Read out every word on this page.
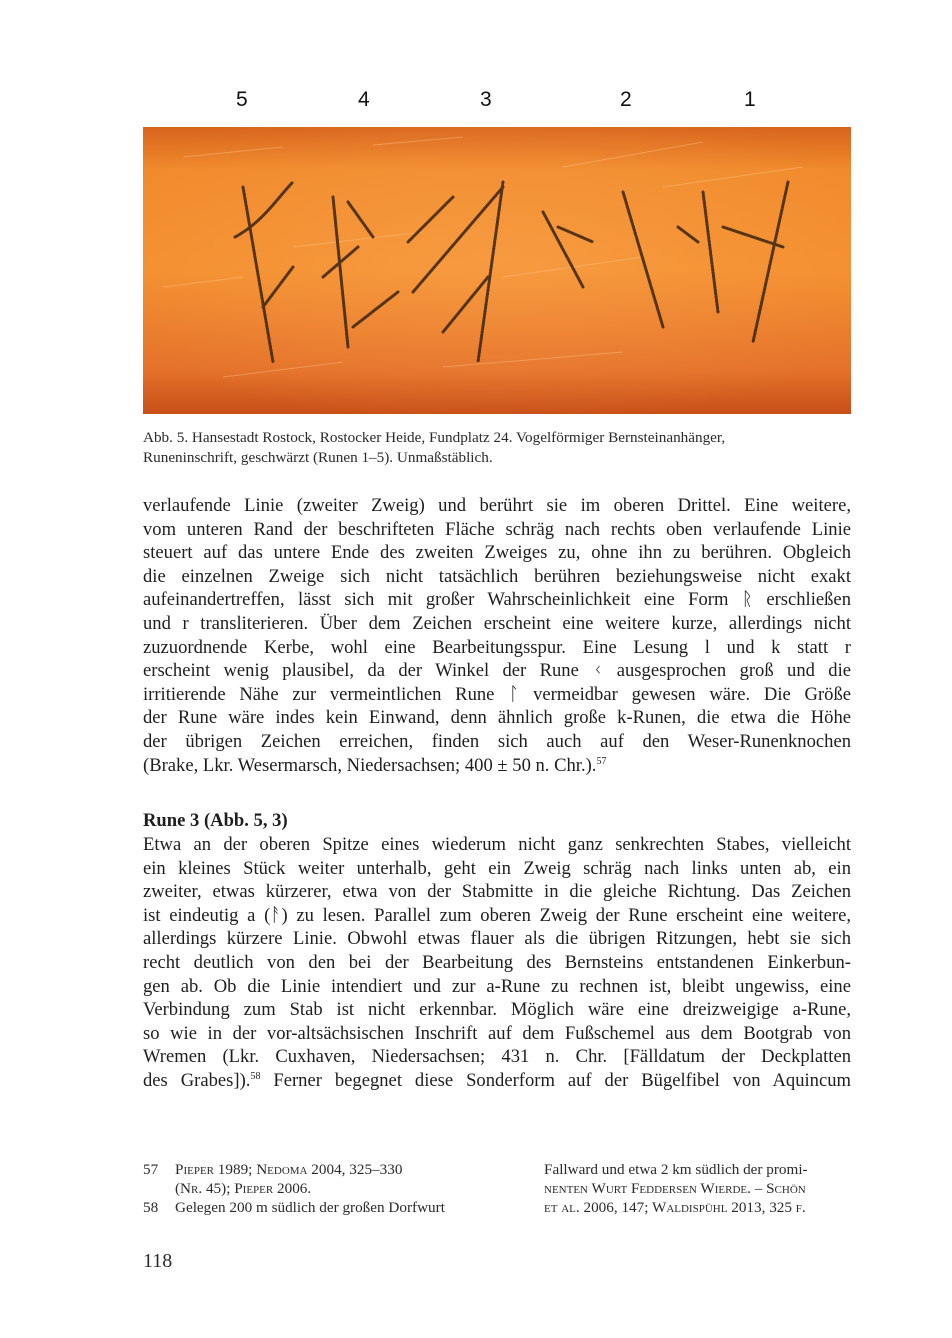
5	4	3	2	1
Abb. 5. Hansestadt Rostock, Rostocker Heide, Fundplatz 24. Vogelförmiger Bernsteinanhänger,
Runeninschrift, geschwärzt (Runen 1–5). Unmaßstäblich.
verlaufende Linie (zweiter Zweig) und berührt sie im oberen Drittel. Eine weitere,
vom unteren Rand der beschrifteten Fläche schräg nach rechts oben verlaufende Linie
steuert auf das untere Ende des zweiten Zweiges zu, ohne ihn zu berühren. Obgleich
die einzelnen Zweige sich nicht tatsächlich berühren beziehungsweise nicht exakt
aufeinandertreffen, lässt sich mit großer Wahrscheinlichkeit eine Form ᚱ erschließen
und r transliterieren. Über dem Zeichen erscheint eine weitere kurze, allerdings nicht
zuzuordnende Kerbe, wohl eine Bearbeitungsspur. Eine Lesung l und k statt r
erscheint wenig plausibel, da der Winkel der Rune ᚲ ausgesprochen groß und die
irritierende Nähe zur vermeintlichen Rune ᛚ vermeidbar gewesen wäre. Die Größe
der Rune wäre indes kein Einwand, denn ähnlich große k-Runen, die etwa die Höhe
der übrigen Zeichen erreichen, finden sich auch auf den Weser-Runenknochen
(Brake, Lkr. Wesermarsch, Niedersachsen; 400 ± 50 n. Chr.).$^{57}$
Rune 3 (Abb. 5, 3)
Etwa an der oberen Spitze eines wiederum nicht ganz senkrechten Stabes, vielleicht
ein kleines Stück weiter unterhalb, geht ein Zweig schräg nach links unten ab, ein
zweiter, etwas kürzerer, etwa von der Stabmitte in die gleiche Richtung. Das Zeichen
ist eindeutig a (ᚨ) zu lesen. Parallel zum oberen Zweig der Rune erscheint eine weitere,
allerdings kürzere Linie. Obwohl etwas flauer als die übrigen Ritzungen, hebt sie sich
recht deutlich von den bei der Bearbeitung des Bernsteins entstandenen Einkerbun-
gen ab. Ob die Linie intendiert und zur a-Rune zu rechnen ist, bleibt ungewiss, eine
Verbindung zum Stab ist nicht erkennbar. Möglich wäre eine dreizweigige a-Rune,
so wie in der vor-altsächsischen Inschrift auf dem Fußschemel aus dem Bootgrab von
Wremen (Lkr. Cuxhaven, Niedersachsen; 431 n. Chr. [Fälldatum der Deckplatten
des Grabes]).$^{58}$ Ferner begegnet diese Sonderform auf der Bügelfibel von Aquincum
57 Pieper 1989; Nedoma 2004, 325–330
(Nr. 45); Pieper 2006.
58 Gelegen 200 m südlich der großen Dorfwurt
Fallward und etwa 2 km südlich der promi-
nenten Wurt Feddersen Wierde. – Schön
et al. 2006, 147; Waldispühl 2013, 325 f.
118
